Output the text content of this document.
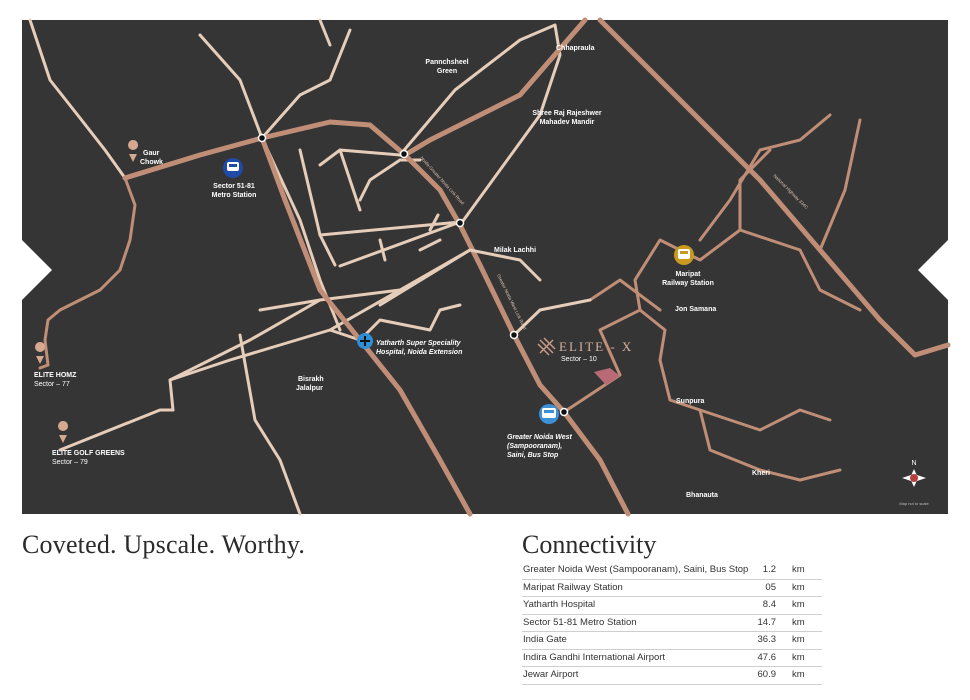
Noida-Greater Noida Link Road
Greater Noida West Link Road
National Highway 334C
Pannchsheel Green
Chhapraula
Shree Raj Rajeshwer Mahadev Mandir
Gaur Chowk
Sector 51-81 Metro Station
Milak Lachhi
Maripat Railway Station
Jon Samana
Yatharth Super Speciality Hospital, Noida Extension
Bisrakh Jalalpur
ELITE HOMZ Sector – 77
ELITE GOLF GREENS Sector – 79
Sunpura
Greater Noida West (Sampooranam), Saini, Bus Stop
Kheri
Bhanauta
ELITE - X
Sector – 10
N
Map not to scale
Coveted. Upscale. Worthy.	Connectivity
Greater Noida West (Sampooranam), Saini, Bus Stop 1.2 km
Maripat Railway Station	05 km
Yatharth Hospital	8.4 km
Sector 51-81 Metro Station	14.7 km
India Gate	36.3 km
Indira Gandhi International Airport	47.6 km
Jewar Airport	60.9 km
